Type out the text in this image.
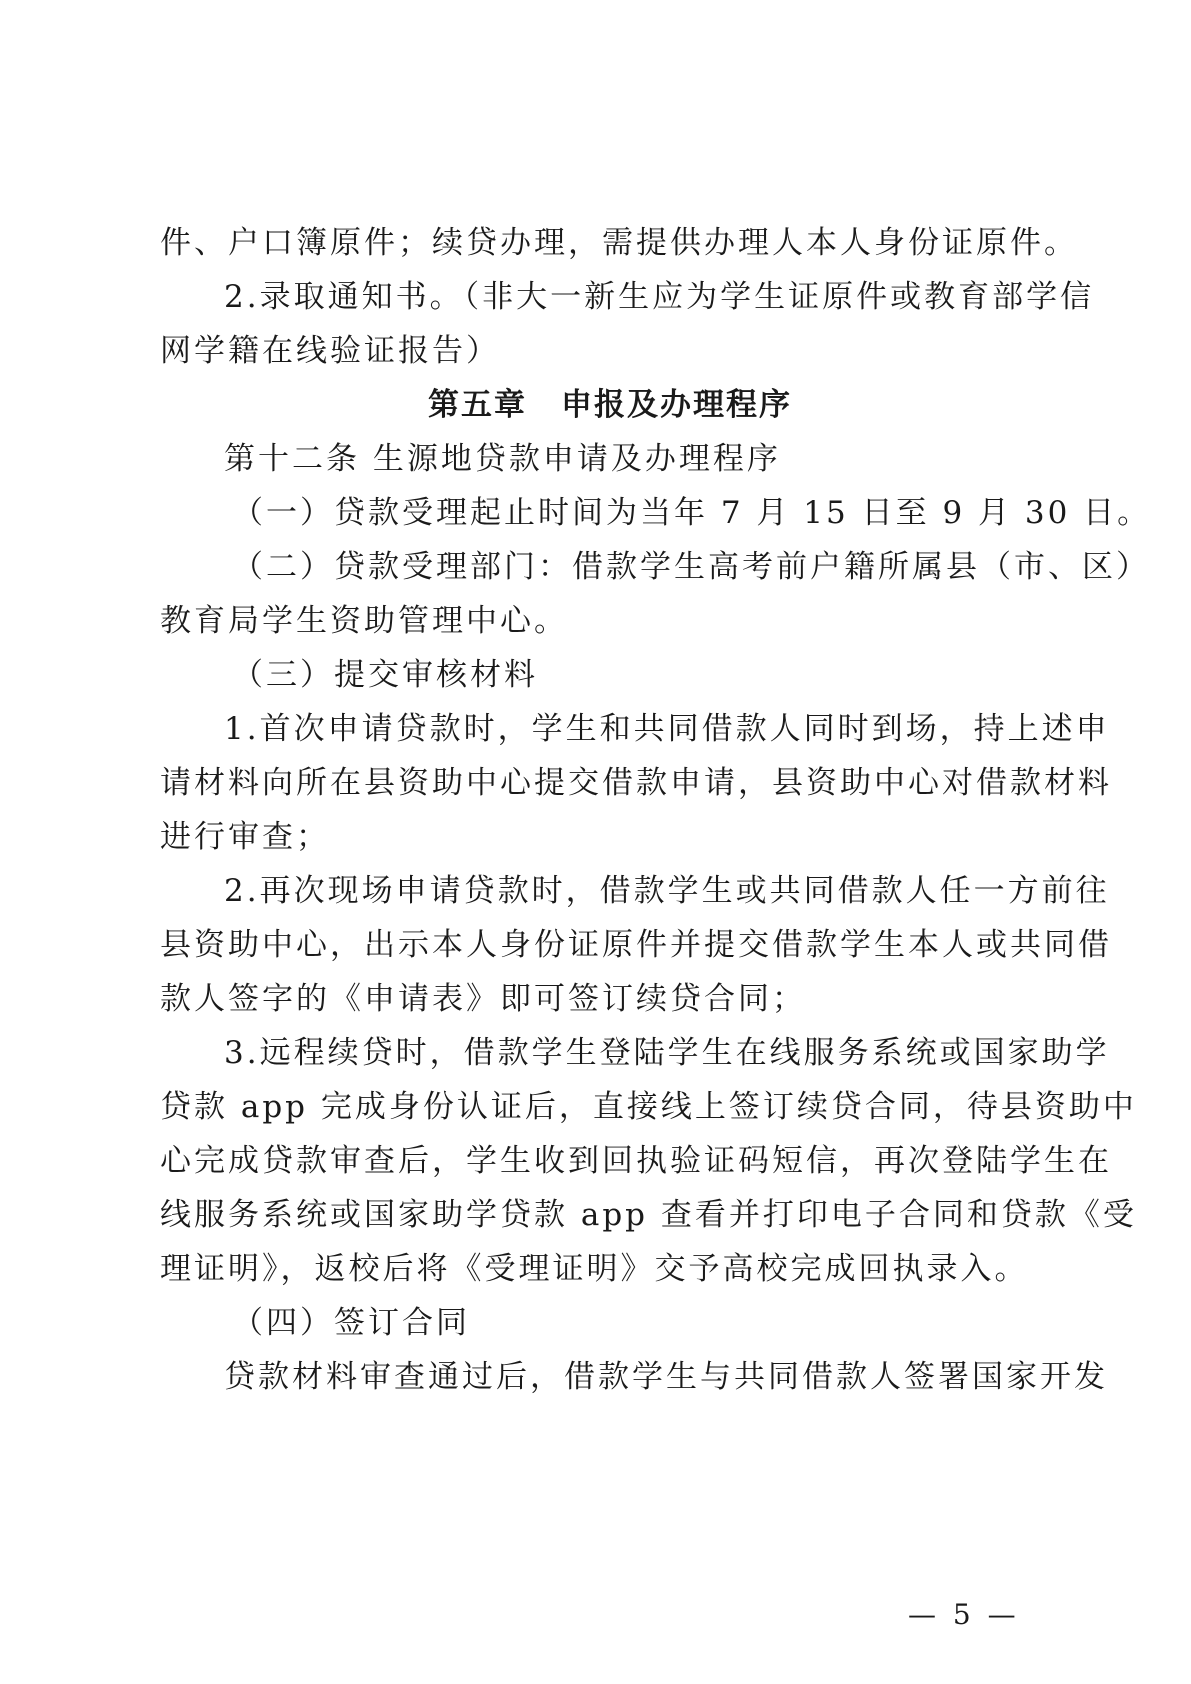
件、户口簿原件；续贷办理，需提供办理人本人身份证原件。
2.录取通知书。（非大一新生应为学生证原件或教育部学信
网学籍在线验证报告）
第五章 申报及办理程序
第十二条 生源地贷款申请及办理程序
（一）贷款受理起止时间为当年 7 月 15 日至 9 月 30 日。
（二）贷款受理部门：借款学生高考前户籍所属县（市、区）
教育局学生资助管理中心。
（三）提交审核材料
1.首次申请贷款时，学生和共同借款人同时到场，持上述申
请材料向所在县资助中心提交借款申请，县资助中心对借款材料
进行审查；
2.再次现场申请贷款时，借款学生或共同借款人任一方前往
县资助中心，出示本人身份证原件并提交借款学生本人或共同借
款人签字的《申请表》即可签订续贷合同；
3.远程续贷时，借款学生登陆学生在线服务系统或国家助学
贷款 app 完成身份认证后，直接线上签订续贷合同，待县资助中
心完成贷款审查后，学生收到回执验证码短信，再次登陆学生在
线服务系统或国家助学贷款 app 查看并打印电子合同和贷款《受
理证明》，返校后将《受理证明》交予高校完成回执录入。
（四）签订合同
贷款材料审查通过后，借款学生与共同借款人签署国家开发
— 5 —
